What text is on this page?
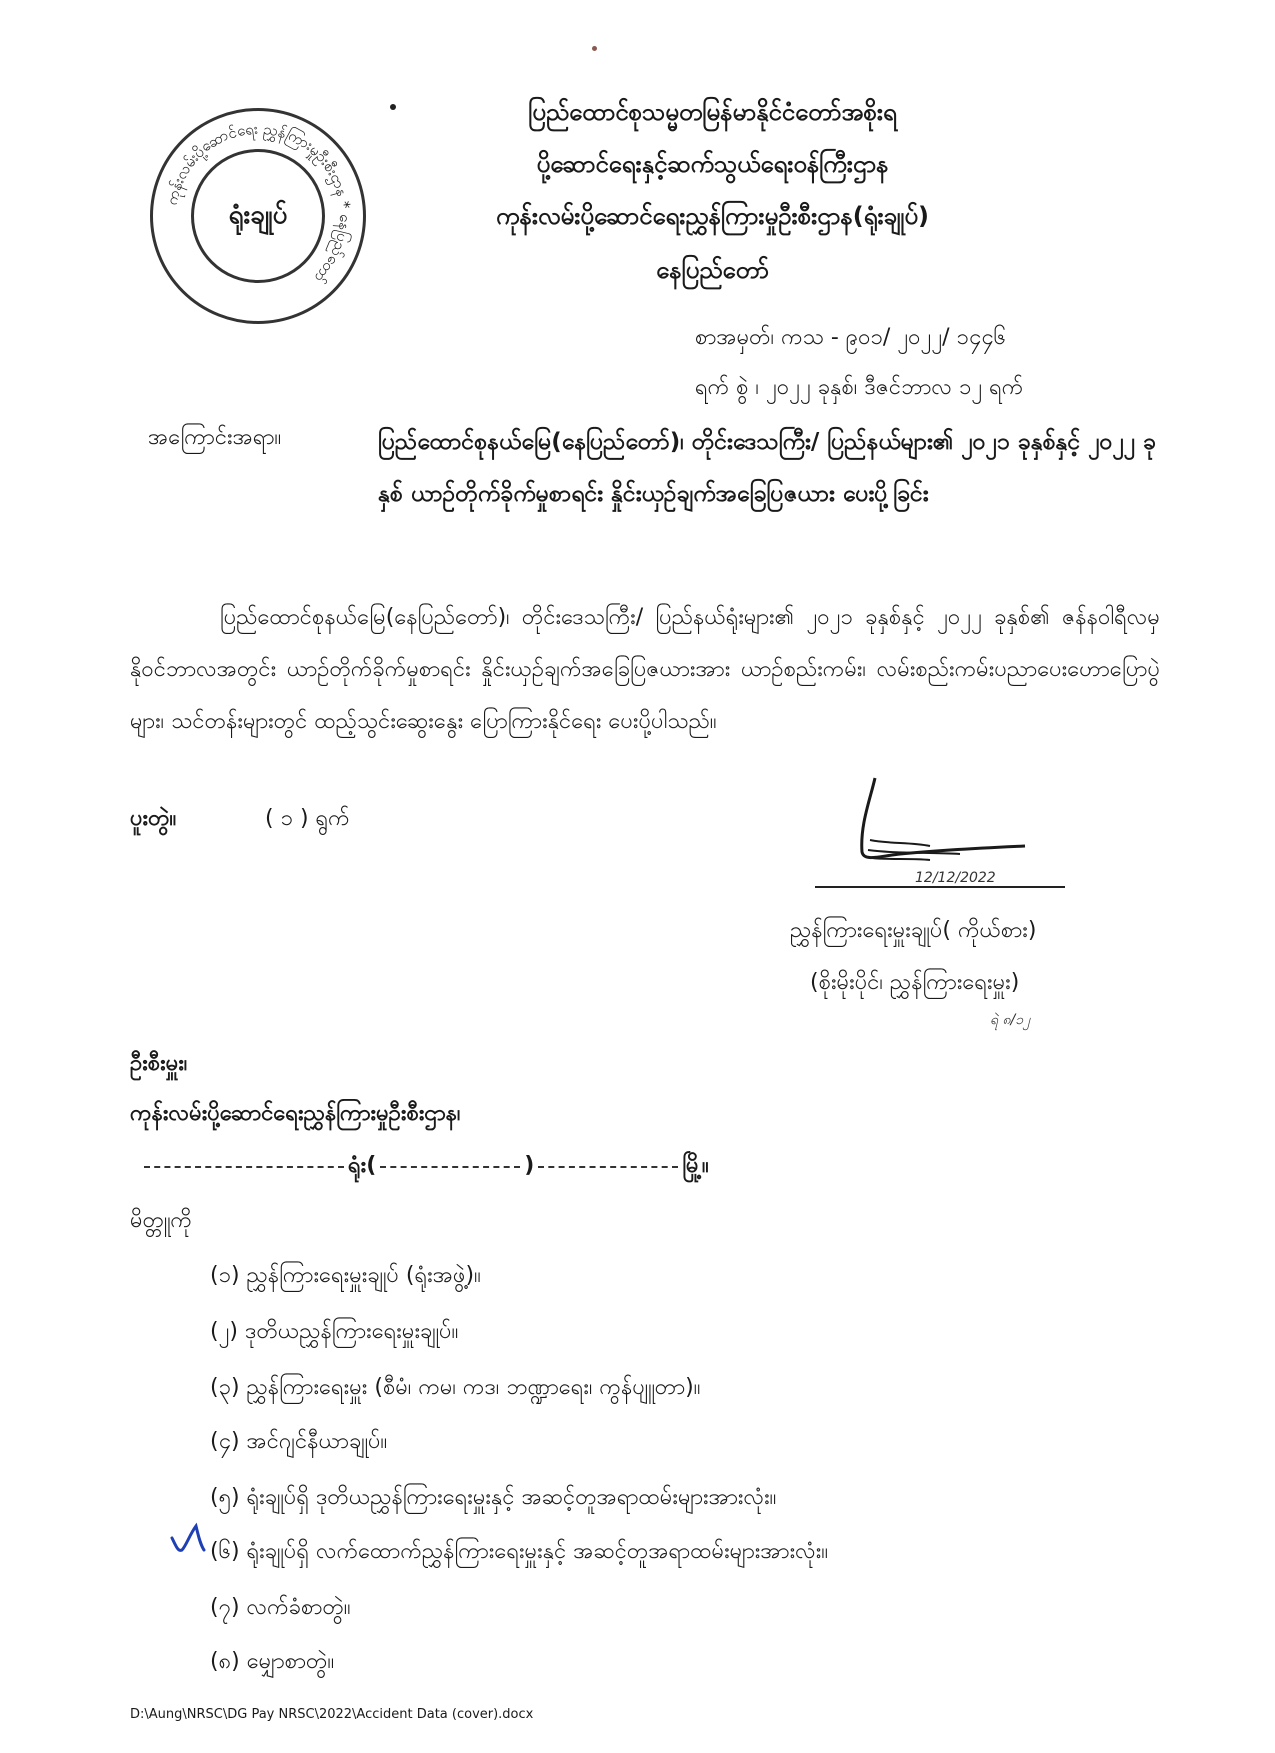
ပြည်ထောင်စုသမ္မတမြန်မာနိုင်ငံတော်အစိုးရ
ပို့ဆောင်ရေးနှင့်ဆက်သွယ်ရေးဝန်ကြီးဌာန
ကုန်းလမ်းပို့ဆောင်ရေးညွှန်ကြားမှုဦးစီးဌာန(ရုံးချုပ်)
နေပြည်တော်
ကုန်းလမ်းပို့ဆောင်ရေး ညွှန်ကြားမှုဦးစီးဌာန * နေပြည်တော်
ရုံးချုပ်
စာအမှတ်၊ ကသ - ၉၀၁/ ၂၀၂၂/ ၁၄၄၆
ရက် စွဲ ၊ ၂၀၂၂ ခုနှစ်၊ ဒီဇင်ဘာလ ၁၂ ရက်
အကြောင်းအရာ။	ပြည်ထောင်စုနယ်မြေ(နေပြည်တော်)၊ တိုင်းဒေသကြီး/ ပြည်နယ်များ၏ ၂၀၂၁ ခုနှစ်နှင့် ၂၀၂၂ ခုနှစ် ယာဉ်တိုက်ခိုက်မှုစာရင်း နှိုင်းယှဉ်ချက်အခြေပြဇယား ပေးပို့ခြင်း
ပြည်ထောင်စုနယ်မြေ(နေပြည်တော်)၊ တိုင်းဒေသကြီး/ ပြည်နယ်ရုံးများ၏ ၂၀၂၁ ခုနှစ်နှင့် ၂၀၂၂ ခုနှစ်၏ ဇန်နဝါရီလမှ နိုဝင်ဘာလအတွင်း ယာဉ်တိုက်ခိုက်မှုစာရင်း နှိုင်းယှဉ်ချက်အခြေပြဇယားအား ယာဉ်စည်းကမ်း၊ လမ်းစည်းကမ်းပညာပေးဟောပြောပွဲများ၊ သင်တန်းများတွင် ထည့်သွင်းဆွေးနွေး ပြောကြားနိုင်ရေး ပေးပို့ပါသည်။
ပူးတွဲ။	( ၁ ) ရွက်
12/12/2022
ညွှန်ကြားရေးမှူးချုပ်( ကိုယ်စား)
(စိုးမိုးပိုင်၊ ညွှန်ကြားရေးမှူး)
ရဲ ၈/၁၂
ဦးစီးမှူး၊
ကုန်းလမ်းပို့ဆောင်ရေးညွှန်ကြားမှုဦးစီးဌာန၊
ရုံး(	)	မြို့။
မိတ္တူကို
(၁) ညွှန်ကြားရေးမှူးချုပ် (ရုံးအဖွဲ့)။
(၂) ဒုတိယညွှန်ကြားရေးမှူးချုပ်။
(၃) ညွှန်ကြားရေးမှူး (စီမံ၊ ကမ၊ ကဒ၊ ဘဏ္ဍာရေး၊ ကွန်ပျူတာ)။
(၄) အင်ဂျင်နီယာချုပ်။
(၅) ရုံးချုပ်ရှိ ဒုတိယညွှန်ကြားရေးမှူးနှင့် အဆင့်တူအရာထမ်းများအားလုံး။
(၆) ရုံးချုပ်ရှိ လက်ထောက်ညွှန်ကြားရေးမှူးနှင့် အဆင့်တူအရာထမ်းများအားလုံး။
(၇) လက်ခံစာတွဲ။
(၈) မျှောစာတွဲ။
D:\Aung\NRSC\DG Pay NRSC\2022\Accident Data (cover).docx
